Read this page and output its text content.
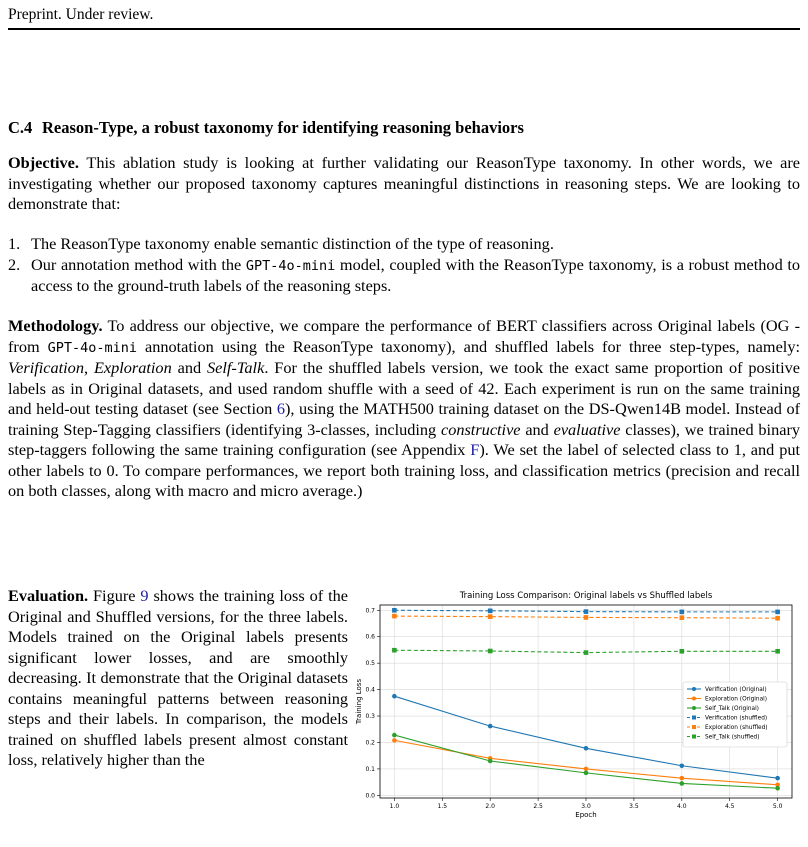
Preprint. Under review.
C.4 Reason-Type, a robust taxonomy for identifying reasoning behaviors
Objective. This ablation study is looking at further validating our ReasonType taxonomy. In other words, we are investigating whether our proposed taxonomy captures meaningful distinctions in reasoning steps. We are looking to demonstrate that:
1. The ReasonType taxonomy enable semantic distinction of the type of reasoning.
2. Our annotation method with the GPT-4o-mini model, coupled with the ReasonType taxonomy, is a robust method to access to the ground-truth labels of the reasoning steps.
Methodology. To address our objective, we compare the performance of BERT classifiers across Original labels (OG - from GPT-4o-mini annotation using the ReasonType taxonomy), and shuffled labels for three step-types, namely: Verification, Exploration and Self-Talk. For the shuffled labels version, we took the exact same proportion of positive labels as in Original datasets, and used random shuffle with a seed of 42. Each experiment is run on the same training and held-out testing dataset (see Section 6), using the MATH500 training dataset on the DS-Qwen14B model. Instead of training Step-Tagging classifiers (identifying 3-classes, including constructive and evaluative classes), we trained binary step-taggers following the same training configuration (see Appendix F). We set the label of selected class to 1, and put other labels to 0. To compare performances, we report both training loss, and classification metrics (precision and recall on both classes, along with macro and micro average.)
Evaluation. Figure 9 shows the training loss of the Original and Shuffled versions, for the three labels. Models trained on the Original labels presents significant lower losses, and are smoothly decreasing. It demonstrate that the Original datasets contains meaningful patterns between reasoning steps and their labels. In comparison, the models trained on shuffled labels present almost constant loss, relatively higher than the
Training Loss Comparison: Original labels vs Shuffled labels
1.0	1.5	2.0	2.5	3.0	3.5	4.0	4.5	5.0
0.0
0.1
0.2
0.3
0.4
0.5
0.6
0.7
Epoch
Training Loss	Verification (Original)
Exploration (Original)
Self_Talk (Original)
Verification (shuffled)
Exploration (shuffled)
Self_Talk (shuffled)
